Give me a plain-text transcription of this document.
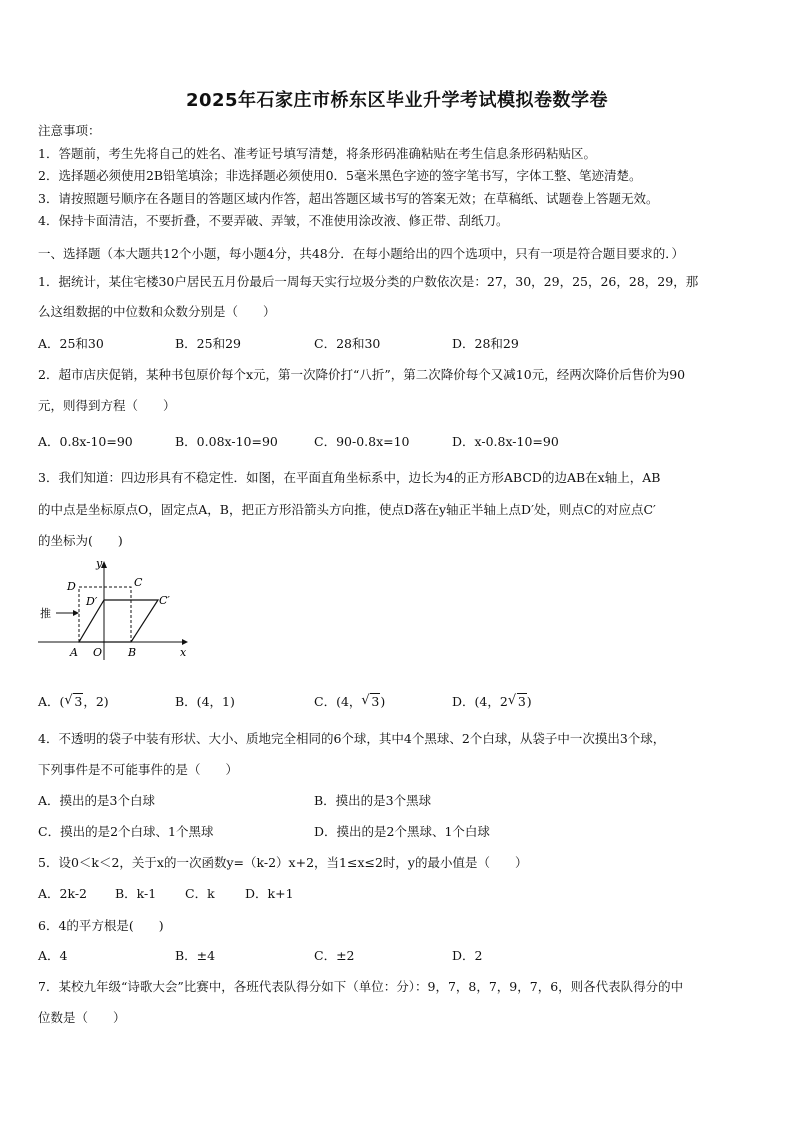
2025年石家庄市桥东区毕业升学考试模拟卷数学卷
注意事项：
1．答题前，考生先将自己的姓名、准考证号填写清楚，将条形码准确粘贴在考生信息条形码粘贴区。
2．选择题必须使用2B铅笔填涂；非选择题必须使用0．5毫米黑色字迹的签字笔书写，字体工整、笔迹清楚。
3．请按照题号顺序在各题目的答题区域内作答，超出答题区域书写的答案无效；在草稿纸、试题卷上答题无效。
4．保持卡面清洁，不要折叠，不要弄破、弄皱，不准使用涂改液、修正带、刮纸刀。
一、选择题（本大题共12个小题，每小题4分，共48分．在每小题给出的四个选项中，只有一项是符合题目要求的．）
1．据统计，某住宅楼30户居民五月份最后一周每天实行垃圾分类的户数依次是：27，30，29，25，26，28，29，那
么这组数据的中位数和众数分别是（　　）
A．25和30	B．25和29	C．28和30	D．28和29
2．超市店庆促销，某种书包原价每个x元，第一次降价打“八折”，第二次降价每个又减10元，经两次降价后售价为90
元，则得到方程（　　）
A．0.8x-10=90	B．0.08x-10=90	C．90-0.8x=10	D．x-0.8x-10=90
3．我们知道：四边形具有不稳定性．如图，在平面直角坐标系中，边长为4的正方形ABCD的边AB在x轴上，AB
的中点是坐标原点O，固定点A，B，把正方形沿箭头方向推，使点D落在y轴正半轴上点D′处，则点C的对应点C′
的坐标为(　　)
推
y
x
D	C
D′	C′
A O B
A．( √ 3，2)	B．(4，1)	C．(4， √ 3)	D．(4，2 √ 3)
4．不透明的袋子中装有形状、大小、质地完全相同的6个球，其中4个黑球、2个白球，从袋子中一次摸出3个球，
下列事件是不可能事件的是（　　）
A．摸出的是3个白球	B．摸出的是3个黑球
C．摸出的是2个白球、1个黑球	D．摸出的是2个黑球、1个白球
5．设0＜k＜2，关于x的一次函数y=（k-2）x+2，当1≤x≤2时，y的最小值是（　　）
A．2k-2 B．k-1 C．k D．k+1
6．4的平方根是(　　)
A．4	B．±4	C．±2	D．2
7．某校九年级“诗歌大会”比赛中，各班代表队得分如下（单位：分）：9，7，8，7，9，7，6，则各代表队得分的中
位数是（　　）
